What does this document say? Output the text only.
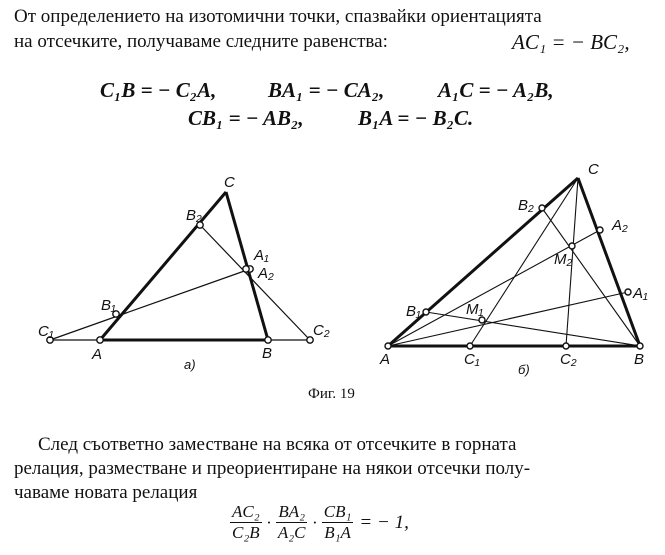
От определението на изотомични точки, спазвайки ориентацията
на отсечките, получаваме следните равенства:	AC₁ = − BC₂,
C₁B = − C₂A, BA₁ = − CA₂,	A₁C = − A₂B,
CB₁ = − AB₂,	B₁A = − B₂C.
C
B₂
A₁
A₂
B₁
C₁	C₂
A	B
а)
C
B₂
A₂
M₂
A₁
B₁	M₁
A	C₁	C₂	B
б)
Фиг. 19
След съответно заместване на всяка от отсечките в горната
релация, разместване и преориентиране на някои отсечки полу-
чаваме новата релация
$\frac{\text{AC₂}}{\text{C₂B}} \cdot \frac{\text{BA₂}}{\text{A₂C}} \cdot \frac{\text{CB₁}}{\text{B₁A}}$ = − 1,
